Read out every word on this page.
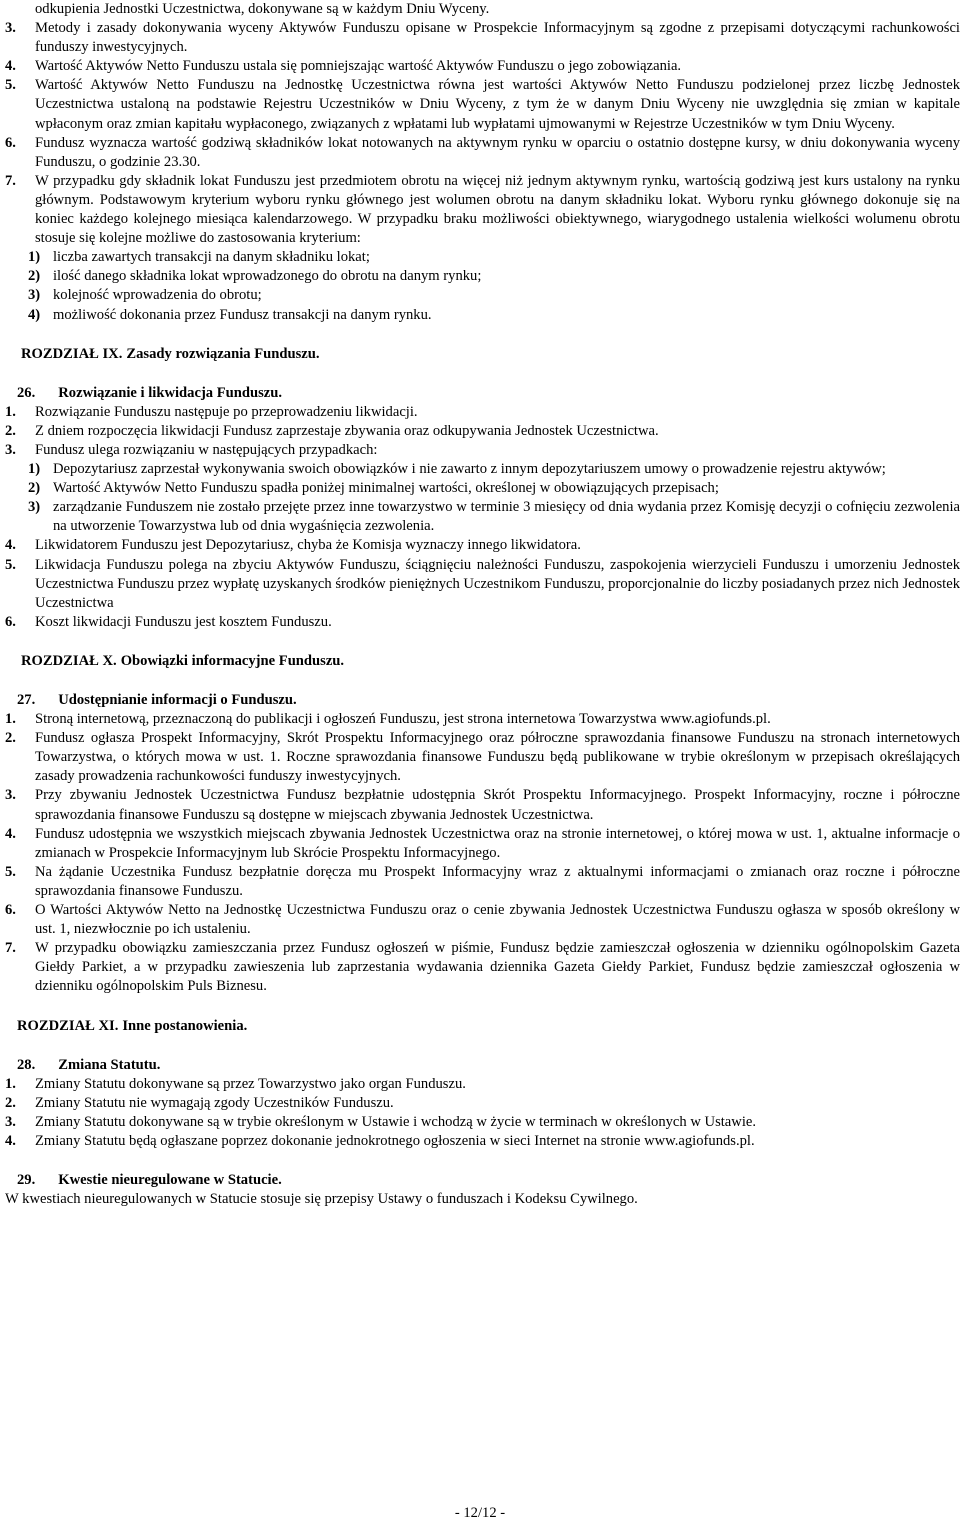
odkupienia Jednostki Uczestnictwa, dokonywane są w każdym Dniu Wyceny.

3. Metody i zasady dokonywania wyceny Aktywów Funduszu opisane w Prospekcie Informacyjnym są zgodne z przepisami dotyczącymi rachunkowości funduszy inwestycyjnych.

4. Wartość Aktywów Netto Funduszu ustala się pomniejszając wartość Aktywów Funduszu o jego zobowiązania.

5. Wartość Aktywów Netto Funduszu na Jednostkę Uczestnictwa równa jest wartości Aktywów Netto Funduszu podzielonej przez liczbę Jednostek Uczestnictwa ustaloną na podstawie Rejestru Uczestników w Dniu Wyceny, z tym że w danym Dniu Wyceny nie uwzględnia się zmian w kapitale wpłaconym oraz zmian kapitału wypłaconego, związanych z wpłatami lub wypłatami ujmowanymi w Rejestrze Uczestników w tym Dniu Wyceny.

6. Fundusz wyznacza wartość godziwą składników lokat notowanych na aktywnym rynku w oparciu o ostatnio dostępne kursy, w dniu dokonywania wyceny Funduszu, o godzinie 23.30.

7. W przypadku gdy składnik lokat Funduszu jest przedmiotem obrotu na więcej niż jednym aktywnym rynku, wartością godziwą jest kurs ustalony na rynku głównym. Podstawowym kryterium wyboru rynku głównego jest wolumen obrotu na danym składniku lokat. Wyboru rynku głównego dokonuje się na koniec każdego kolejnego miesiąca kalendarzowego. W przypadku braku możliwości obiektywnego, wiarygodnego ustalenia wielkości wolumenu obrotu stosuje się kolejne możliwe do zastosowania kryterium:

1) liczba zawartych transakcji na danym składniku lokat;

2) ilość danego składnika lokat wprowadzonego do obrotu na danym rynku;

3) kolejność wprowadzenia do obrotu;

4) możliwość dokonania przez Fundusz transakcji na danym rynku.

ROZDZIAŁ IX. Zasady rozwiązania Funduszu.

26. Rozwiązanie i likwidacja Funduszu.

1. Rozwiązanie Funduszu następuje po przeprowadzeniu likwidacji.

2. Z dniem rozpoczęcia likwidacji Fundusz zaprzestaje zbywania oraz odkupywania Jednostek Uczestnictwa.

3. Fundusz ulega rozwiązaniu w następujących przypadkach:

1) Depozytariusz zaprzestał wykonywania swoich obowiązków i nie zawarto z innym depozytariuszem umowy o prowadzenie rejestru aktywów;

2) Wartość Aktywów Netto Funduszu spadła poniżej minimalnej wartości, określonej w obowiązujących przepisach;

3) zarządzanie Funduszem nie zostało przejęte przez inne towarzystwo w terminie 3 miesięcy od dnia wydania przez Komisję decyzji o cofnięciu zezwolenia na utworzenie Towarzystwa lub od dnia wygaśnięcia zezwolenia.

4. Likwidatorem Funduszu jest Depozytariusz, chyba że Komisja wyznaczy innego likwidatora.

5. Likwidacja Funduszu polega na zbyciu Aktywów Funduszu, ściągnięciu należności Funduszu, zaspokojenia wierzycieli Funduszu i umorzeniu Jednostek Uczestnictwa Funduszu przez wypłatę uzyskanych środków pieniężnych Uczestnikom Funduszu, proporcjonalnie do liczby posiadanych przez nich Jednostek Uczestnictwa

6. Koszt likwidacji Funduszu jest kosztem Funduszu.

ROZDZIAŁ X. Obowiązki informacyjne Funduszu.

27. Udostępnianie informacji o Funduszu.

1. Stroną internetową, przeznaczoną do publikacji i ogłoszeń Funduszu, jest strona internetowa Towarzystwa www.agiofunds.pl.

2. Fundusz ogłasza Prospekt Informacyjny, Skrót Prospektu Informacyjnego oraz półroczne sprawozdania finansowe Funduszu na stronach internetowych Towarzystwa, o których mowa w ust. 1. Roczne sprawozdania finansowe Funduszu będą publikowane w trybie określonym w przepisach określających zasady prowadzenia rachunkowości funduszy inwestycyjnych.

3. Przy zbywaniu Jednostek Uczestnictwa Fundusz bezpłatnie udostępnia Skrót Prospektu Informacyjnego. Prospekt Informacyjny, roczne i półroczne sprawozdania finansowe Funduszu są dostępne w miejscach zbywania Jednostek Uczestnictwa.

4. Fundusz udostępnia we wszystkich miejscach zbywania Jednostek Uczestnictwa oraz na stronie internetowej, o której mowa w ust. 1, aktualne informacje o zmianach w Prospekcie Informacyjnym lub Skrócie Prospektu Informacyjnego.

5. Na żądanie Uczestnika Fundusz bezpłatnie doręcza mu Prospekt Informacyjny wraz z aktualnymi informacjami o zmianach oraz roczne i półroczne sprawozdania finansowe Funduszu.

6. O Wartości Aktywów Netto na Jednostkę Uczestnictwa Funduszu oraz o cenie zbywania Jednostek Uczestnictwa Funduszu ogłasza w sposób określony w ust. 1, niezwłocznie po ich ustaleniu.

7. W przypadku obowiązku zamieszczania przez Fundusz ogłoszeń w piśmie, Fundusz będzie zamieszczał ogłoszenia w dzienniku ogólnopolskim Gazeta Giełdy Parkiet, a w przypadku zawieszenia lub zaprzestania wydawania dziennika Gazeta Giełdy Parkiet, Fundusz będzie zamieszczał ogłoszenia w dzienniku ogólnopolskim Puls Biznesu.

ROZDZIAŁ XI. Inne postanowienia.

28. Zmiana Statutu.

1. Zmiany Statutu dokonywane są przez Towarzystwo jako organ Funduszu.

2. Zmiany Statutu nie wymagają zgody Uczestników Funduszu.

3. Zmiany Statutu dokonywane są w trybie określonym w Ustawie i wchodzą w życie w terminach w określonych w Ustawie.

4. Zmiany Statutu będą ogłaszane poprzez dokonanie jednokrotnego ogłoszenia w sieci Internet na stronie www.agiofunds.pl.

29. Kwestie nieuregulowane w Statucie.

W kwestiach nieuregulowanych w Statucie stosuje się przepisy Ustawy o funduszach i Kodeksu Cywilnego.

- 12/12 -
